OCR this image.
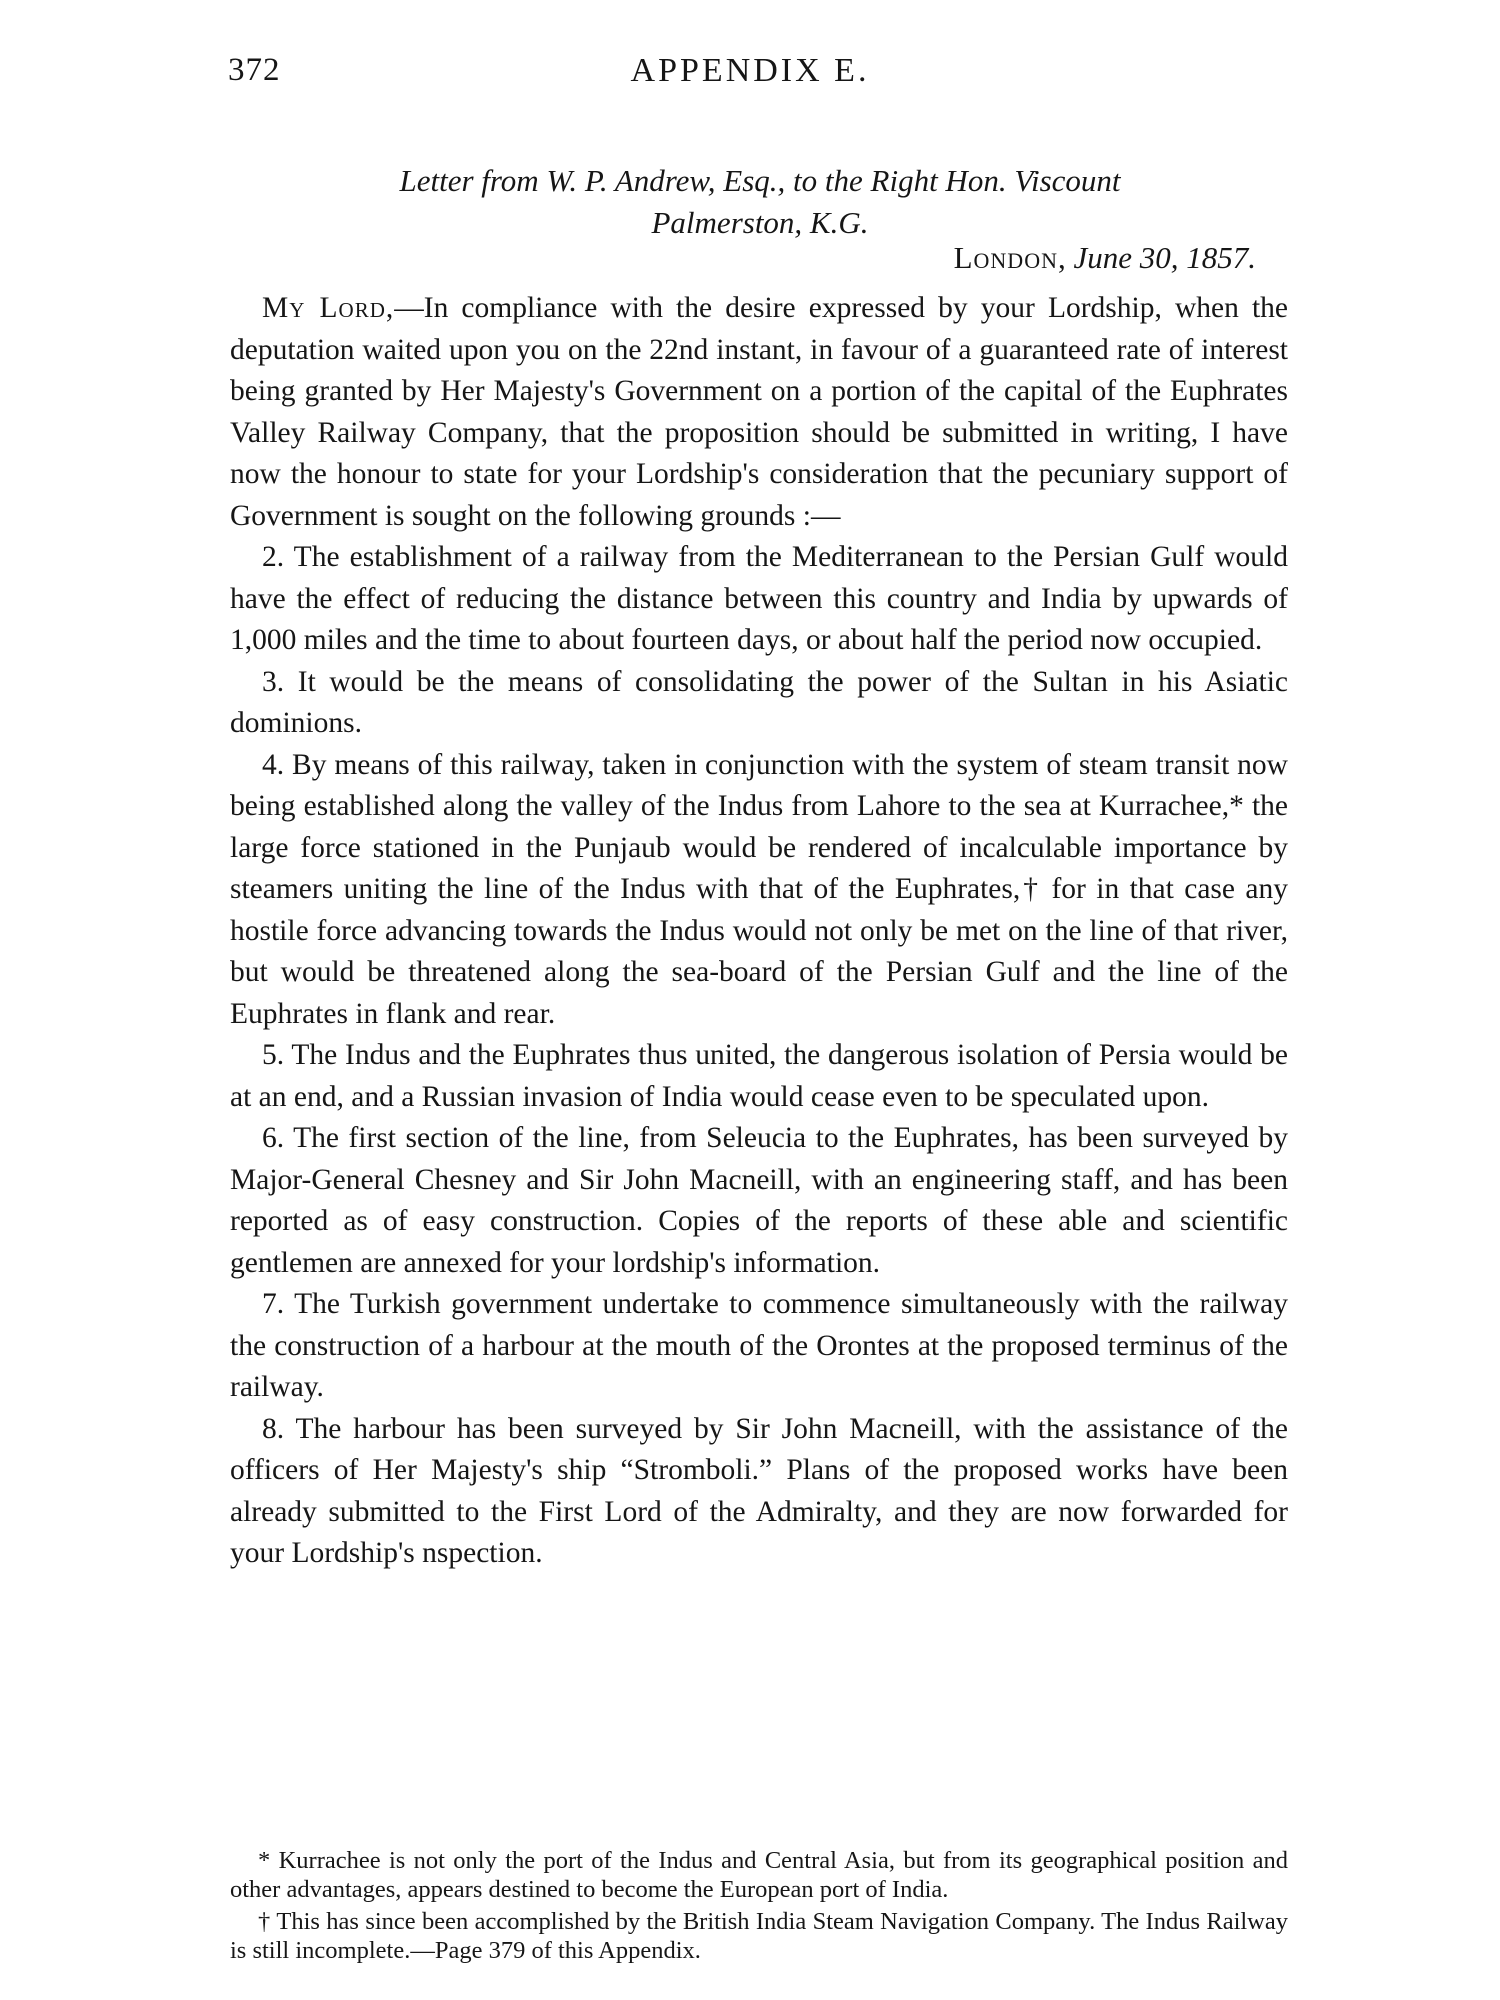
372	APPENDIX E.
Letter from W. P. Andrew, Esq., to the Right Hon. Viscount
Palmerston, K.G.
London, June 30, 1857.

My Lord,—In compliance with the desire expressed by your Lordship, when the deputation waited upon you on the 22nd instant, in favour of a guaranteed rate of interest being granted by Her Majesty's Government on a portion of the capital of the Euphrates Valley Railway Company, that the proposition should be submitted in writing, I have now the honour to state for your Lordship's consideration that the pecuniary support of Government is sought on the following grounds :—

2. The establishment of a railway from the Mediterranean to the Persian Gulf would have the effect of reducing the distance between this country and India by upwards of 1,000 miles and the time to about fourteen days, or about half the period now occupied.

3. It would be the means of consolidating the power of the Sultan in his Asiatic dominions.

4. By means of this railway, taken in conjunction with the system of steam transit now being established along the valley of the Indus from Lahore to the sea at Kurrachee,* the large force stationed in the Punjaub would be rendered of incalculable importance by steamers uniting the line of the Indus with that of the Euphrates,† for in that case any hostile force advancing towards the Indus would not only be met on the line of that river, but would be threatened along the sea-board of the Persian Gulf and the line of the Euphrates in flank and rear.

5. The Indus and the Euphrates thus united, the dangerous isolation of Persia would be at an end, and a Russian invasion of India would cease even to be speculated upon.

6. The first section of the line, from Seleucia to the Euphrates, has been surveyed by Major-General Chesney and Sir John Macneill, with an engineering staff, and has been reported as of easy construction. Copies of the reports of these able and scientific gentlemen are annexed for your lordship's information.

7. The Turkish government undertake to commence simultaneously with the railway the construction of a harbour at the mouth of the Orontes at the proposed terminus of the railway.

8. The harbour has been surveyed by Sir John Macneill, with the assistance of the officers of Her Majesty's ship “Stromboli.” Plans of the proposed works have been already submitted to the First Lord of the Admiralty, and they are now forwarded for your Lordship's nspection.

* Kurrachee is not only the port of the Indus and Central Asia, but from its geographical position and other advantages, appears destined to become the European port of India.

† This has since been accomplished by the British India Steam Navigation Company. The Indus Railway is still incomplete.—Page 379 of this Appendix.
